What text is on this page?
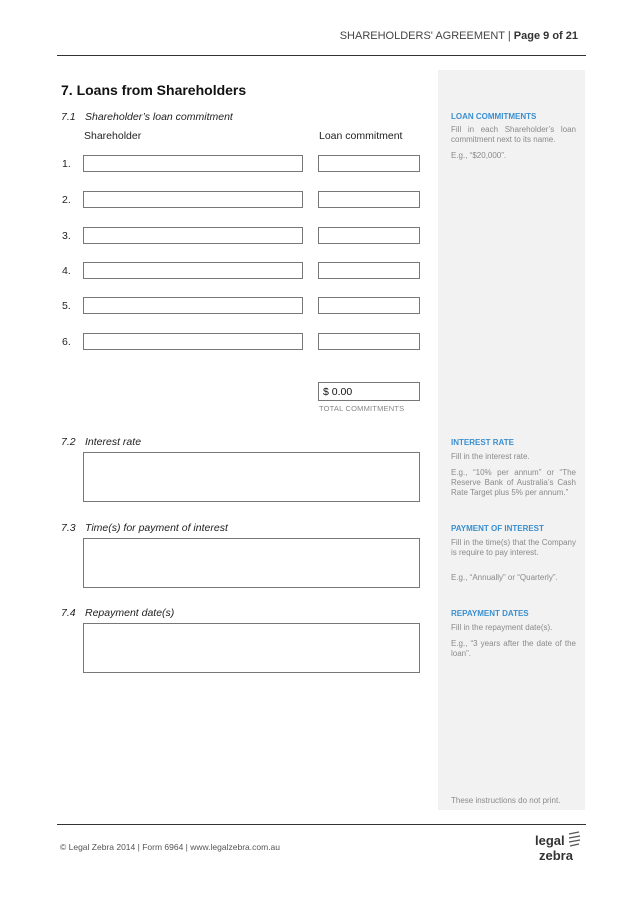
SHAREHOLDERS' AGREEMENT | Page 9 of 21
7. Loans from Shareholders
7.1 Shareholder’s loan commitment
Shareholder	Loan commitment
1.
2.
3.
4.
5.
6.
$ 0.00
TOTAL COMMITMENTS
7.2 Interest rate
7.3 Time(s) for payment of interest
7.4 Repayment date(s)
LOAN COMMITMENTS
Fill in each Shareholder’s loan commitment next to its name.
E.g., “$20,000”.
INTEREST RATE
Fill in the interest rate.
E.g., “10% per annum” or “The Reserve Bank of Australia’s Cash Rate Target plus 5% per annum.”
PAYMENT OF INTEREST
Fill in the time(s) that the Company is require to pay interest.
E.g., “Annually” or “Quarterly”.
REPAYMENT DATES
Fill in the repayment date(s).
E.g., “3 years after the date of the loan”.
These instructions do not print.
© Legal Zebra 2014 | Form 6964 | www.legalzebra.com.au	legal
zebra
